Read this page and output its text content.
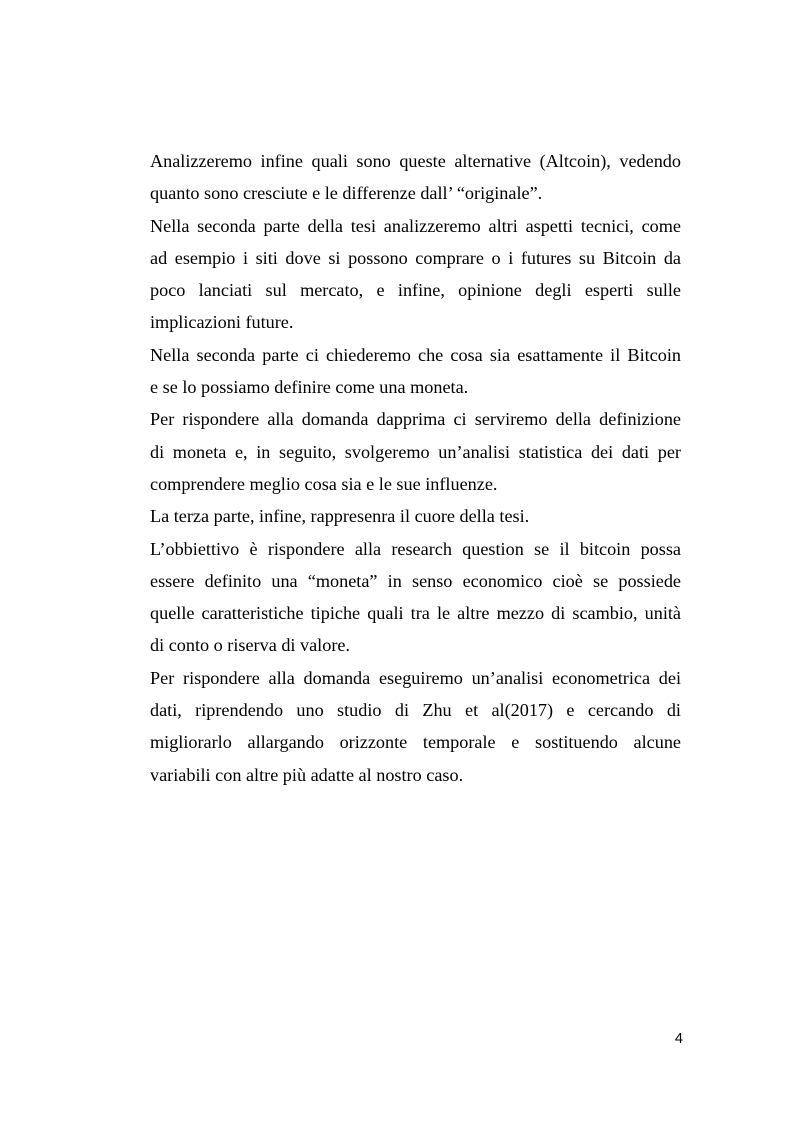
Analizzeremo infine quali sono queste alternative (Altcoin), vedendo
quanto sono cresciute e le differenze dall’ “originale”.
Nella seconda parte della tesi analizzeremo altri aspetti tecnici, come
ad esempio i siti dove si possono comprare o i futures su Bitcoin da
poco lanciati sul mercato, e infine, opinione degli esperti sulle
implicazioni future.
Nella seconda parte ci chiederemo che cosa sia esattamente il Bitcoin
e se lo possiamo definire come una moneta.
Per rispondere alla domanda dapprima ci serviremo della definizione
di moneta e, in seguito, svolgeremo un’analisi statistica dei dati per
comprendere meglio cosa sia e le sue influenze.
La terza parte, infine, rappresenra il cuore della tesi.
L’obbiettivo è rispondere alla research question se il bitcoin possa
essere definito una “moneta” in senso economico cioè se possiede
quelle caratteristiche tipiche quali tra le altre mezzo di scambio, unità
di conto o riserva di valore.
Per rispondere alla domanda eseguiremo un’analisi econometrica dei
dati, riprendendo uno studio di Zhu et al(2017) e cercando di
migliorarlo allargando orizzonte temporale e sostituendo alcune
variabili con altre più adatte al nostro caso.
4
